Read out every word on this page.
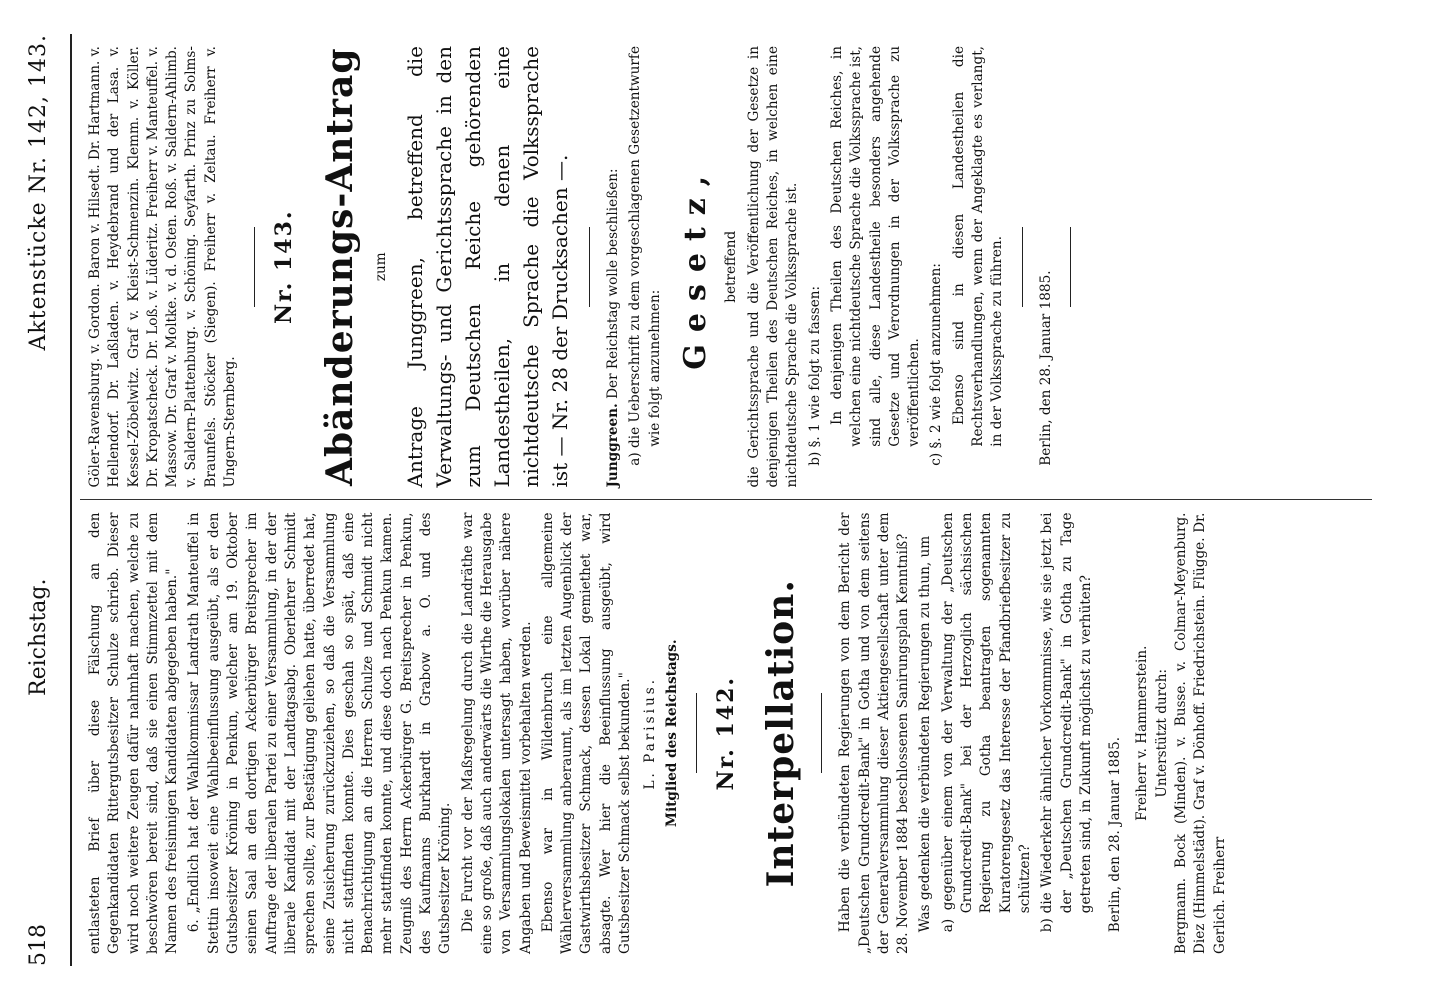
518
Reichstag.
Aktenstücke Nr. 142, 143.

entlasteten Brief über diese Fälschung an den Gegenkandidaten Rittergutsbesitzer Schulze schrieb. Dieser wird noch weitere Zeugen dafür nahmhaft machen, welche zu beschwören bereit sind, daß sie einen Stimmzettel mit dem Namen des freisinnigen Kandidaten abgegeben haben." 6. „Endlich hat der Wahlkommissar Landrath Manteuffel in Stettin insoweit eine Wahlbeeinflussung ausgeübt, als er den Gutsbesitzer Kröning in Penkun, welcher am 19. Oktober seinen Saal an den dortigen Ackerbürger Breitsprecher im Auftrage der liberalen Partei zu einer Versammlung, in der der liberale Kandidat mit der Landtagsabg. Oberlehrer Schmidt sprechen sollte, zur Bestätigung geliehen hatte, überredet hat, seine Zusicherung zurückzuziehen, so daß die Versammlung nicht stattfinden konnte. Dies geschah so spät, daß eine Benachrichtigung an die Herren Schulze und Schmidt nicht mehr stattfinden konnte, und diese doch nach Penkun kamen. Zeugniß des Herrn Ackerbürger G. Breitsprecher in Penkun, des Kaufmanns Burkhardt in Grabow a. O. und des Gutsbesitzer Kröning. Die Furcht vor der Maßregelung durch die Landräthe war eine so große, daß auch anderwärts die Wirthe die Herausgabe von Versammlungslokalen untersagt haben, worüber nähere Angaben und Beweismittel vorbehalten werden. Ebenso war in Wildenbruch eine allgemeine Wählerversammlung anberaumt, als im letzten Augenblick der Gastwirthsbesitzer Schmack, dessen Lokal gemiethet war, absagte. Wer hier die Beeinflussung ausgeübt, wird Gutsbesitzer Schmack selbst bekunden." L. Parisius. Mitglied des Reichstags. Nr. 142. Interpellation.	Haben die verbündeten Regierungen von dem Bericht der „Deutschen Grundcredit-Bank" in Gotha und von dem seitens der Generalversammlung dieser Aktiengesellschaft unter dem 28. November 1884 beschlossenen Sanirungsplan Kenntniß? Was gedenken die verbündeten Regierungen zu thun, um a) gegenüber einem von der Verwaltung der „Deutschen Grundcredit-Bank" bei der Herzoglich sächsischen Regierung zu Gotha beantragten sogenannten Kuratorengesetz das Interesse der Pfandbriefbesitzer zu schützen? b) die Wiederkehr ähnlicher Vorkommnisse, wie sie jetzt bei der „Deutschen Grundcredit-Bank" in Gotha zu Tage getreten sind, in Zukunft möglichst zu verhüten? Berlin, den 28. Januar 1885.
Freiherr v. Hammerstein. Unterstützt durch: Bergmann. Bock (Minden). v. Busse. v. Colmar-Meyenburg. Diez (Himmelstädt). Graf v. Dönhoff. Friedrichstein. Flügge. Dr. Gerlich. Freiherr

Göler-Ravensburg. v. Gordon. Baron v. Hilsedt. Dr. Hartmann. v. Hellendorf. Dr. Laßladen. v. Heydebrand und der Lasa. v. Kessel-Zöbelwitz. Graf v. Kleist-Schmenzin. Klemm. v. Köller. Dr. Kropatscheck. Dr. Loß. v. Lüderitz. Freiherr v. Manteuffel. v. Massow. Dr. Graf v. Moltke. v. d. Osten. Roß. v. Saldern-Ahlimb. v. Saldern-Plattenburg. v. Schöning. Seyfarth. Prinz zu Solms-Braunfels. Stöcker (Siegen). Freiherr v. Zeltau. Freiherr v. Ungern-Sternberg.

Nr. 143. Abänderungs-Antrag zum Antrage Junggreen, betreffend die Verwaltungs- und Gerichtssprache in den zum Deutschen Reiche gehörenden Landestheilen, in denen eine nichtdeutsche Sprache die Volkssprache ist — Nr. 28 der Drucksachen —. Junggreen. Der Reichstag wolle beschließen: a) die Ueberschrift zu dem vorgeschlagenen Gesetzentwurfe wie folgt anzunehmen: Gesetz, betreffend die Gerichtssprache und die Veröffentlichung der Gesetze in denjenigen Theilen des Deutschen Reiches, in welchen eine nichtdeutsche Sprache die Volkssprache ist. b) §. 1 wie folgt zu fassen: In denjenigen Theilen des Deutschen Reiches, in welchen eine nichtdeutsche Sprache die Volkssprache ist, sind alle, diese Landestheile besonders angehende Gesetze und Verordnungen in der Volkssprache zu veröffentlichen. c) §. 2 wie folgt anzunehmen: Ebenso sind in diesen Landestheilen die Rechtsverhandlungen, wenn der Angeklagte es verlangt, in der Volkssprache zu führen. Berlin, den 28. Januar 1885.
